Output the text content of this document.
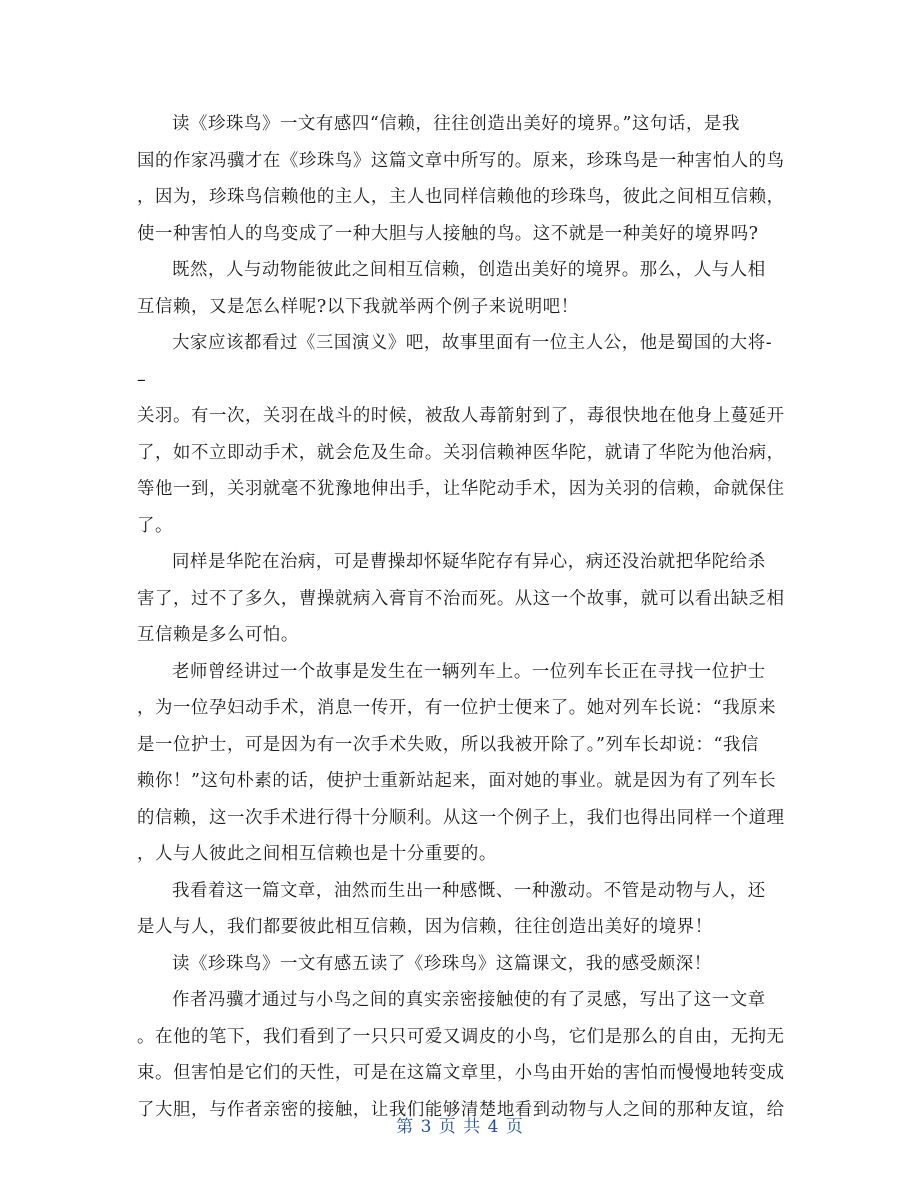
读《珍珠鸟》一文有感四“信赖，往往创造出美好的境界。”这句话，是我
国的作家冯骥才在《珍珠鸟》这篇文章中所写的。原来，珍珠鸟是一种害怕人的鸟
，因为，珍珠鸟信赖他的主人，主人也同样信赖他的珍珠鸟，彼此之间相互信赖，
使一种害怕人的鸟变成了一种大胆与人接触的鸟。这不就是一种美好的境界吗?
既然，人与动物能彼此之间相互信赖，创造出美好的境界。那么，人与人相
互信赖，又是怎么样呢?以下我就举两个例子来说明吧！
大家应该都看过《三国演义》吧，故事里面有一位主人公，他是蜀国的大将-
–
关羽。有一次，关羽在战斗的时候，被敌人毒箭射到了，毒很快地在他身上蔓延开
了，如不立即动手术，就会危及生命。关羽信赖神医华陀，就请了华陀为他治病，
等他一到，关羽就毫不犹豫地伸出手，让华陀动手术，因为关羽的信赖，命就保住
了。
同样是华陀在治病，可是曹操却怀疑华陀存有异心，病还没治就把华陀给杀
害了，过不了多久，曹操就病入膏肓不治而死。从这一个故事，就可以看出缺乏相
互信赖是多么可怕。
老师曾经讲过一个故事是发生在一辆列车上。一位列车长正在寻找一位护士
，为一位孕妇动手术，消息一传开，有一位护士便来了。她对列车长说：“我原来
是一位护士，可是因为有一次手术失败，所以我被开除了。”列车长却说：“我信
赖你！”这句朴素的话，使护士重新站起来，面对她的事业。就是因为有了列车长
的信赖，这一次手术进行得十分顺利。从这一个例子上，我们也得出同样一个道理
，人与人彼此之间相互信赖也是十分重要的。
我看着这一篇文章，油然而生出一种感慨、一种激动。不管是动物与人，还
是人与人，我们都要彼此相互信赖，因为信赖，往往创造出美好的境界！
读《珍珠鸟》一文有感五读了《珍珠鸟》这篇课文，我的感受颇深！
作者冯骥才通过与小鸟之间的真实亲密接触使的有了灵感，写出了这一文章
。在他的笔下，我们看到了一只只可爱又调皮的小鸟，它们是那么的自由，无拘无
束。但害怕是它们的天性，可是在这篇文章里，小鸟由开始的害怕而慢慢地转变成
了大胆，与作者亲密的接触，让我们能够清楚地看到动物与人之间的那种友谊，给
第 3 页 共 4 页
